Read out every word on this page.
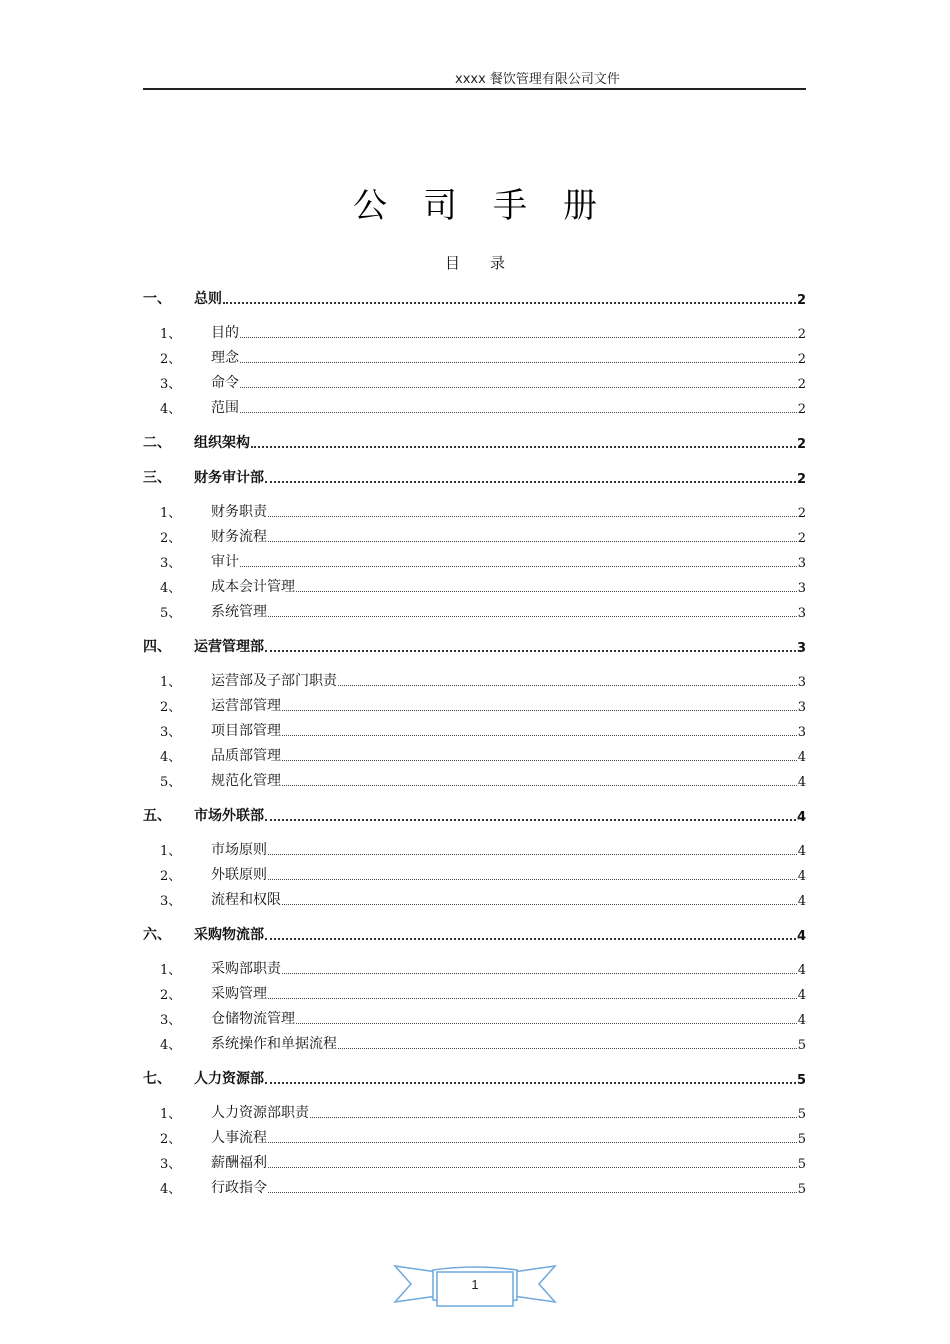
xxxx 餐饮管理有限公司文件
公司手册
目录
一、	总则	2
1、	目的	2
2、	理念	2
3、	命令	2
4、	范围	2
二、	组织架构	2
三、	财务审计部	2
1、	财务职责	2
2、	财务流程	2
3、	审计	3
4、	成本会计管理	3
5、	系统管理	3
四、	运营管理部	3
1、	运营部及子部门职责	3
2、	运营部管理	3
3、	项目部管理	3
4、	品质部管理	4
5、	规范化管理	4
五、	市场外联部	4
1、	市场原则	4
2、	外联原则	4
3、	流程和权限	4
六、	采购物流部	4
1、	采购部职责	4
2、	采购管理	4
3、	仓储物流管理	4
4、	系统操作和单据流程	5
七、	人力资源部	5
1、	人力资源部职责	5
2、	人事流程	5
3、	薪酬福利	5
4、	行政指令	5
1
